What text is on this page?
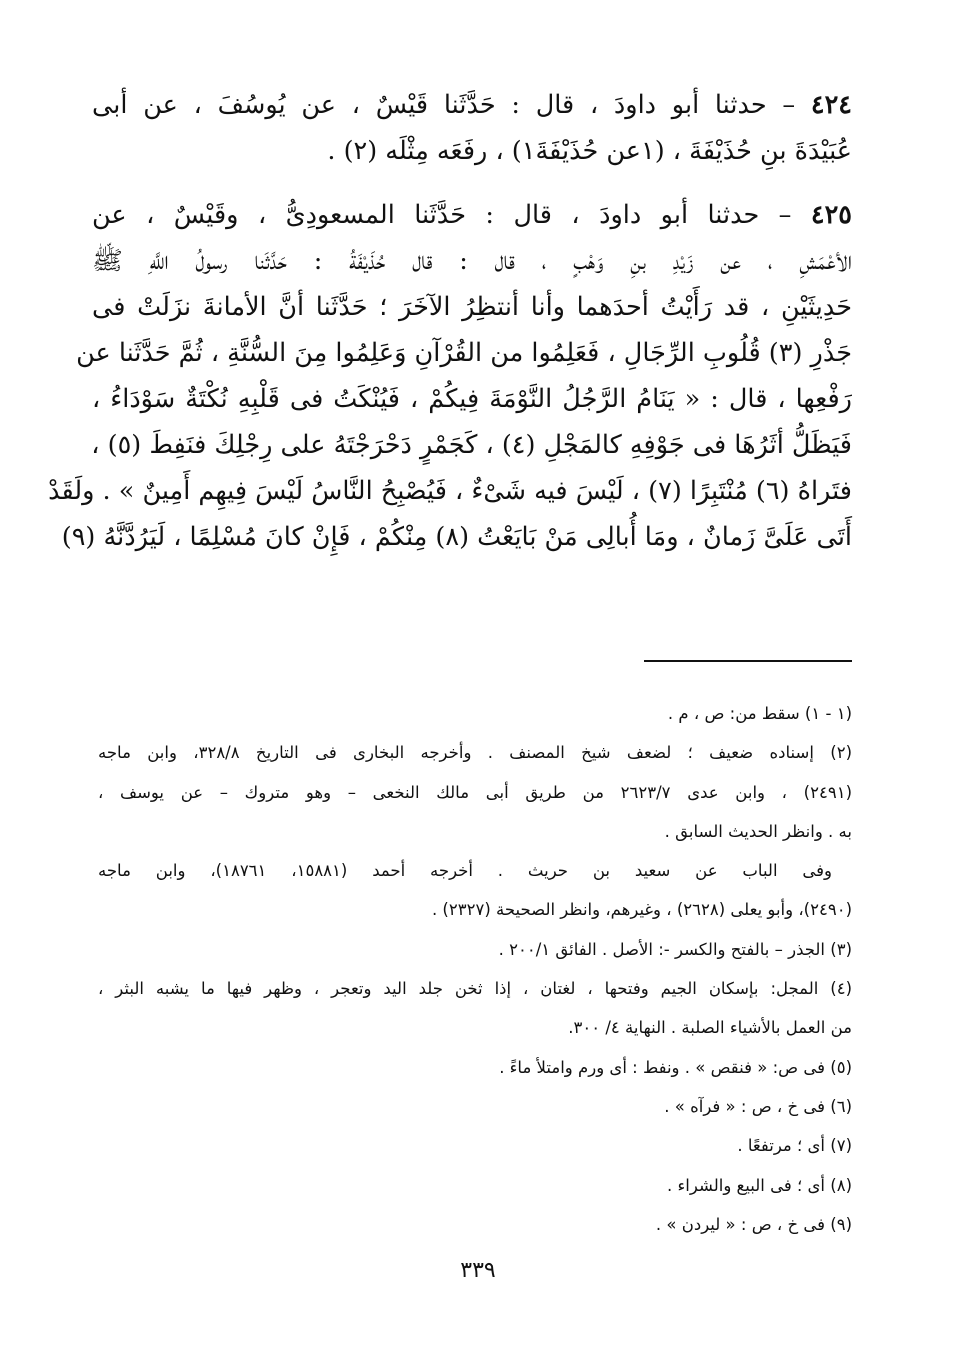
٤٢٤ – حدثنا أبو داودَ ، قال : حَدَّثَنا قَيْسٌ ، عن يُوسُفَ ، عن أبى
عُبَيْدَةَ بنِ حُذَيْفَةَ ، (١عن حُذَيْفَةَ١) ، رفَعَه مِثْلَه (٢) .
٤٢٥ – حدثنا أبو داودَ ، قال : حَدَّثَنا المسعودِىُّ ، وقَيْسٌ ، عن
الأعْمَشِ ، عن زَيْدِ بنِ وَهْبٍ ، قال : قال حُذَيْفَةُ : حَدَّثَنا رسولُ اللَّهِ ﷺ
حَدِيثَيْنِ ، قد رَأَيْتُ أحدَهما وأنا أنتظِرُ الآخَرَ ؛ حَدَّثَنا أنَّ الأمانةَ نزَلَتْ فى
جَذْرِ (٣) قُلُوبِ الرِّجَالِ ، فَعَلِمُوا من القُرْآنِ وَعَلِمُوا مِنَ السُّنَّةِ ، ثُمَّ حَدَّثَنا عن
رَفْعِها ، قال : « يَنَامُ الرَّجُلُ النَّوْمَةَ فِيكُمْ ، فَيُنْكَتُ فى قَلْبِهِ نُكْتَةٌ سَوْدَاءُ ،
فَيَظَلُّ أثَرُهَا فى جَوْفِهِ كالمَجْلِ (٤) ، كَجَمْرٍ دَحْرَجْتَهُ على رِجْلِكَ فنَفِطَ (٥) ،
فتَراهُ (٦) مُنْتَبِرًا (٧) ، لَيْسَ فيه شَىْءٌ ، فَيُصْبِحُ النَّاسُ لَيْسَ فِيهِم أَمِينٌ » . ولَقَدْ
أَتَى عَلَىَّ زَمانٌ ، ومَا أُبالِى مَنْ بَايَعْتُ (٨) مِنْكُمْ ، فَإِنْ كانَ مُسْلِمًا ، لَيَرُدَّنَّهُ (٩)
(١ - ١) سقط من: ص ، م .
(٢) إسناده ضعيف ؛ لضعف شيخ المصنف . وأخرجه البخارى فى التاريخ ٣٢٨/٨، وابن ماجه
(٢٤٩١) ، وابن عدى ٢٦٢٣/٧ من طريق أبى مالك النخعى – وهو متروك – عن يوسف ،
به . وانظر الحديث السابق .
وفى الباب عن سعيد بن حريث . أخرجه أحمد (١٥٨٨١، ١٨٧٦١)، وابن ماجه
(٢٤٩٠)، وأبو يعلى (٢٦٢٨) ، وغيرهم، وانظر الصحيحة (٢٣٢٧) .
(٣) الجذر – بالفتح والكسر -: الأصل . الفائق ٢٠٠/١ .
(٤) المجل: بإسكان الجيم وفتحها ، لغتان ، إذا ثخن جلد اليد وتعجر ، وظهر فيها ما يشبه البثر ،
من العمل بالأشياء الصلبة . النهاية ٤/ ٣٠٠.
(٥) فى ص: « فنقص » . ونفط : أى ورم وامتلأ ماءً .
(٦) فى خ ، ص : « فرآه » .
(٧) أى ؛ مرتفعًا .
(٨) أى ؛ فى البيع والشراء .
(٩) فى خ ، ص : « ليردن » .
٣٣٩
